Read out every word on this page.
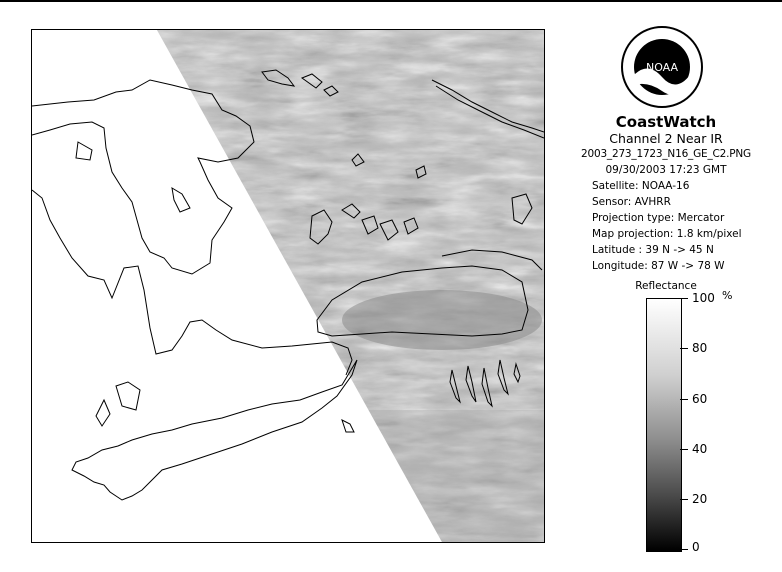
NOAA
CoastWatch
Channel 2 Near IR
2003_273_1723_N16_GE_C2.PNG
09/30/2003 17:23 GMT
Satellite: NOAA-16
Sensor: AVHRR
Projection type: Mercator
Map projection: 1.8 km/pixel
Latitude : 39 N -> 45 N
Longitude: 87 W -> 78 W
Reflectance
100 %
80
60
40
20
0
